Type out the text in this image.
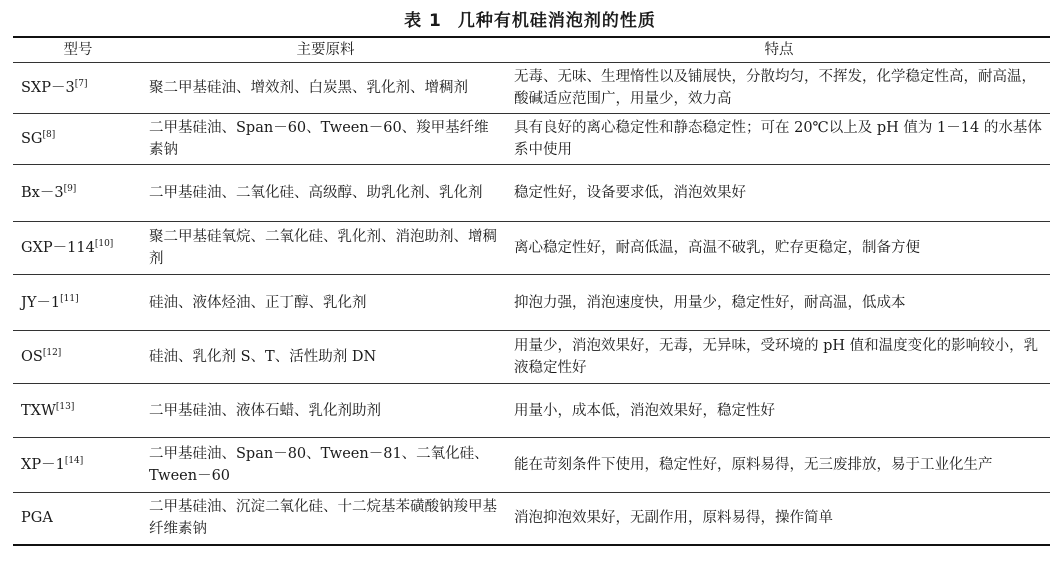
表 1 几种有机硅消泡剂的性质
型号	主要原料	特点
SXP－3[7]	聚二甲基硅油、增效剂、白炭黑、乳化剂、增稠剂	无毒、无味、生理惰性以及铺展快，分散均匀，不挥发，化学稳定性高，耐高温，酸碱适应范围广，用量少，效力高
SG[8]	二甲基硅油、Span－60、Tween－60、羧甲基纤维素钠	具有良好的离心稳定性和静态稳定性；可在 20℃以上及 pH 值为 1－14 的水基体系中使用
Bx－3[9]	二甲基硅油、二氧化硅、高级醇、助乳化剂、乳化剂	稳定性好，设备要求低，消泡效果好
GXP－114[10]	聚二甲基硅氧烷、二氧化硅、乳化剂、消泡助剂、增稠剂	离心稳定性好，耐高低温，高温不破乳，贮存更稳定，制备方便
JY－1[11]	硅油、液体烃油、正丁醇、乳化剂	抑泡力强，消泡速度快，用量少，稳定性好，耐高温，低成本
OS[12]	硅油、乳化剂 S、T、活性助剂 DN	用量少，消泡效果好，无毒，无异味，受环境的 pH 值和温度变化的影响较小，乳液稳定性好
TXW[13]	二甲基硅油、液体石蜡、乳化剂助剂	用量小，成本低，消泡效果好，稳定性好
XP－1[14]	二甲基硅油、Span－80、Tween－81、二氧化硅、Tween－60	能在苛刻条件下使用，稳定性好，原料易得，无三废排放，易于工业化生产
PGA	二甲基硅油、沉淀二氧化硅、十二烷基苯磺酸钠羧甲基纤维素钠	消泡抑泡效果好，无副作用，原料易得，操作简单
